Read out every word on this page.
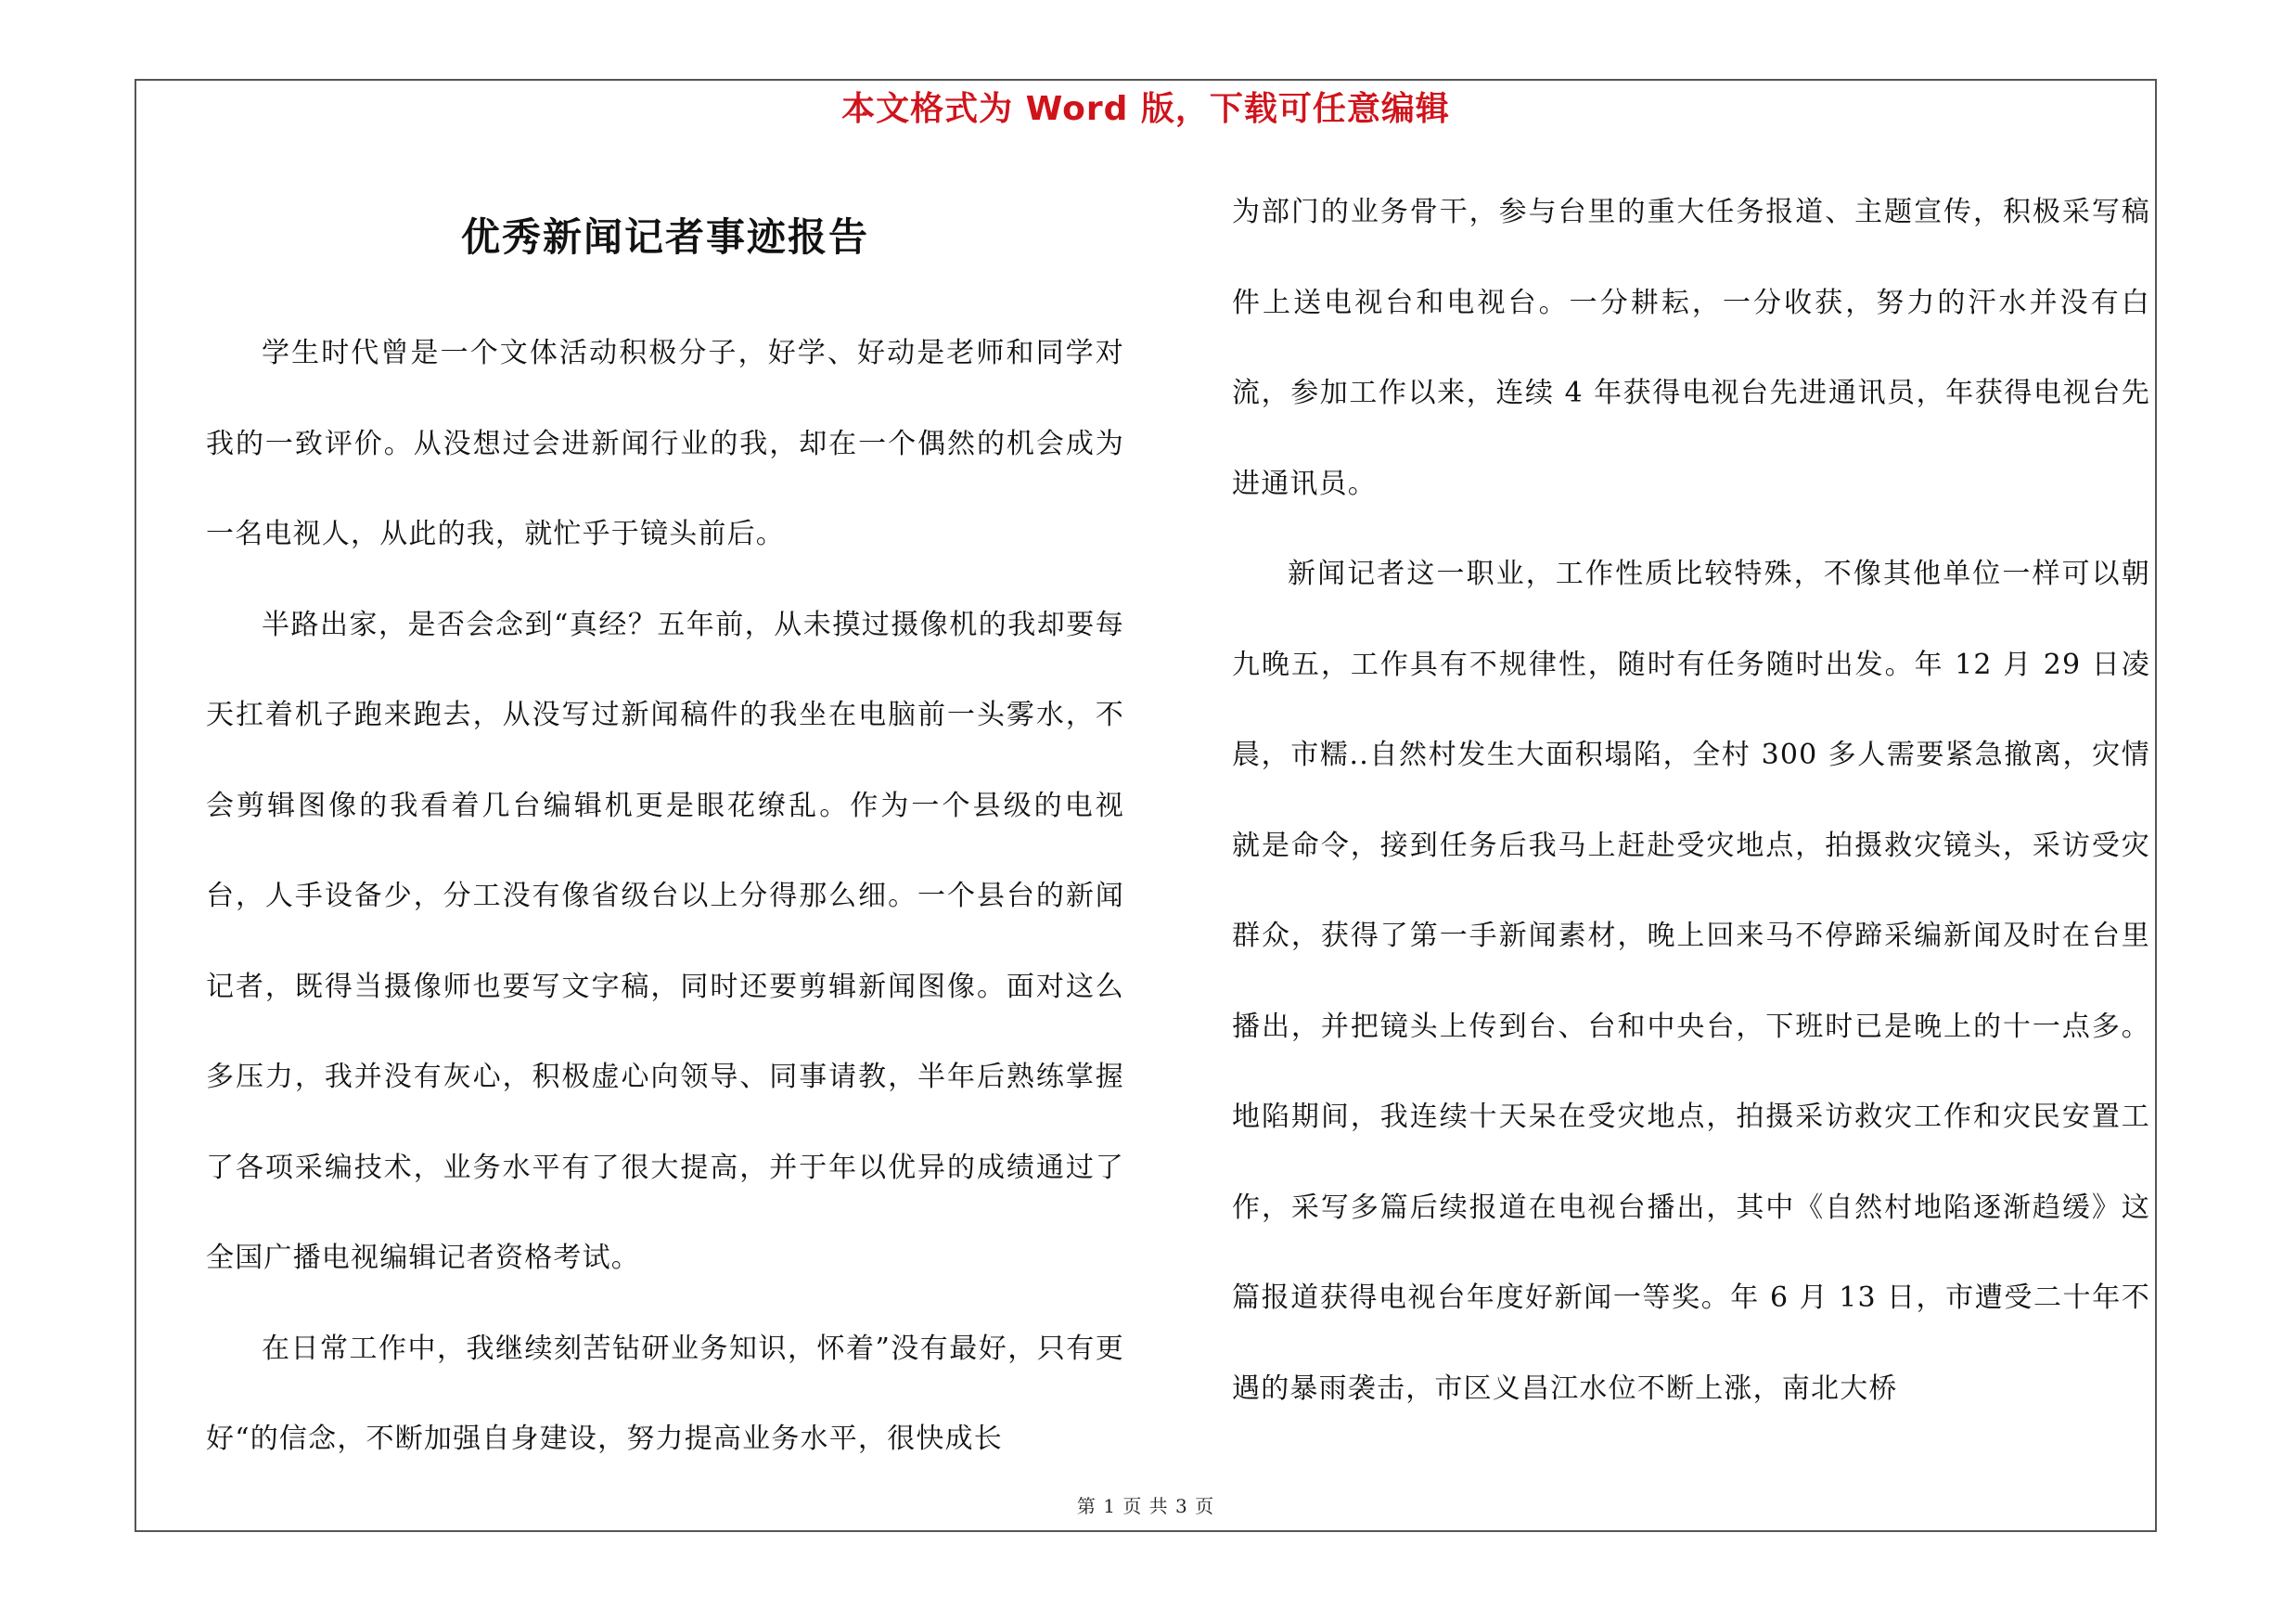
本文格式为 Word 版，下载可任意编辑
优秀新闻记者事迹报告

学生时代曾是一个文体活动积极分子，好学、好动是老师和同学对我的一致评价。从没想过会进新闻行业的我，却在一个偶然的机会成为一名电视人，从此的我，就忙乎于镜头前后。

半路出家，是否会念到“真经？五年前，从未摸过摄像机的我却要每天扛着机子跑来跑去，从没写过新闻稿件的我坐在电脑前一头雾水，不会剪辑图像的我看着几台编辑机更是眼花缭乱。作为一个县级的电视台，人手设备少，分工没有像省级台以上分得那么细。一个县台的新闻记者，既得当摄像师也要写文字稿，同时还要剪辑新闻图像。面对这么多压力，我并没有灰心，积极虚心向领导、同事请教，半年后熟练掌握了各项采编技术，业务水平有了很大提高，并于年以优异的成绩通过了全国广播电视编辑记者资格考试。

在日常工作中，我继续刻苦钻研业务知识，怀着”没有最好，只有更好“的信念，不断加强自身建设，努力提高业务水平，很快成长

为部门的业务骨干，参与台里的重大任务报道、主题宣传，积极采写稿件上送电视台和电视台。一分耕耘，一分收获，努力的汗水并没有白流，参加工作以来，连续 4 年获得电视台先进通讯员，年获得电视台先进通讯员。

新闻记者这一职业，工作性质比较特殊，不像其他单位一样可以朝九晚五，工作具有不规律性，随时有任务随时出发。年 12 月 29 日凌晨，市糯..自然村发生大面积塌陷，全村 300 多人需要紧急撤离，灾情就是命令，接到任务后我马上赶赴受灾地点，拍摄救灾镜头，采访受灾群众，获得了第一手新闻素材，晚上回来马不停蹄采编新闻及时在台里播出，并把镜头上传到台、台和中央台，下班时已是晚上的十一点多。地陷期间，我连续十天呆在受灾地点，拍摄采访救灾工作和灾民安置工作，采写多篇后续报道在电视台播出，其中《自然村地陷逐渐趋缓》这篇报道获得电视台年度好新闻一等奖。年 6 月 13 日，市遭受二十年不遇的暴雨袭击，市区义昌江水位不断上涨，南北大桥

第 1 页 共 3 页
